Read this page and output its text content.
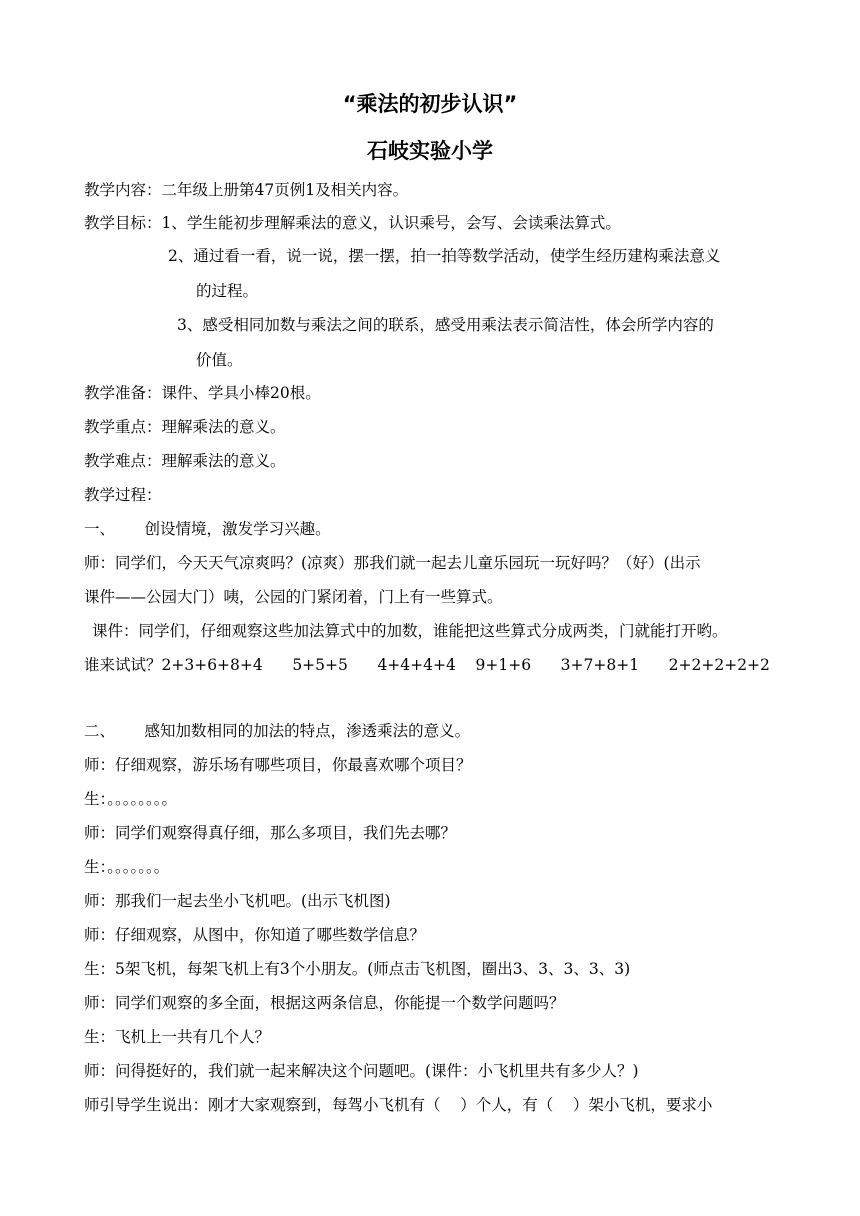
“乘法的初步认识”
石岐实验小学
教学内容：二年级上册第47页例1及相关内容。
教学目标：1、学生能初步理解乘法的意义，认识乘号，会写、会读乘法算式。
2、通过看一看，说一说，摆一摆，拍一拍等数学活动，使学生经历建构乘法意义
的过程。
3、感受相同加数与乘法之间的联系，感受用乘法表示简洁性，体会所学内容的
价值。
教学准备：课件、学具小棒20根。
教学重点：理解乘法的意义。
教学难点：理解乘法的意义。
教学过程：
一、      创设情境，激发学习兴趣。
师：同学们，今天天气凉爽吗？(凉爽）那我们就一起去儿童乐园玩一玩好吗？（好）(出示
课件——公园大门）咦，公园的门紧闭着，门上有一些算式。
课件：同学们，仔细观察这些加法算式中的加数，谁能把这些算式分成两类，门就能打开哟。
谁来试试？2+3+6+8+4      5+5+5      4+4+4+4    9+1+6      3+7+8+1      2+2+2+2+2
二、      感知加数相同的加法的特点，渗透乘法的意义。
师：仔细观察，游乐场有哪些项目，你最喜欢哪个项目？
生：。。。。。。。。
师：同学们观察得真仔细，那么多项目，我们先去哪？
生：。。。。。。。
师：那我们一起去坐小飞机吧。(出示飞机图)
师：仔细观察，从图中，你知道了哪些数学信息？
生：5架飞机，每架飞机上有3个小朋友。(师点击飞机图，圈出3、3、3、3、3)
师：同学们观察的多全面，根据这两条信息，你能提一个数学问题吗？
生：飞机上一共有几个人？
师：问得挺好的，我们就一起来解决这个问题吧。(课件：小飞机里共有多少人？)
师引导学生说出：刚才大家观察到，每驾小飞机有（    ）个人，有（    ）架小飞机，要求小
